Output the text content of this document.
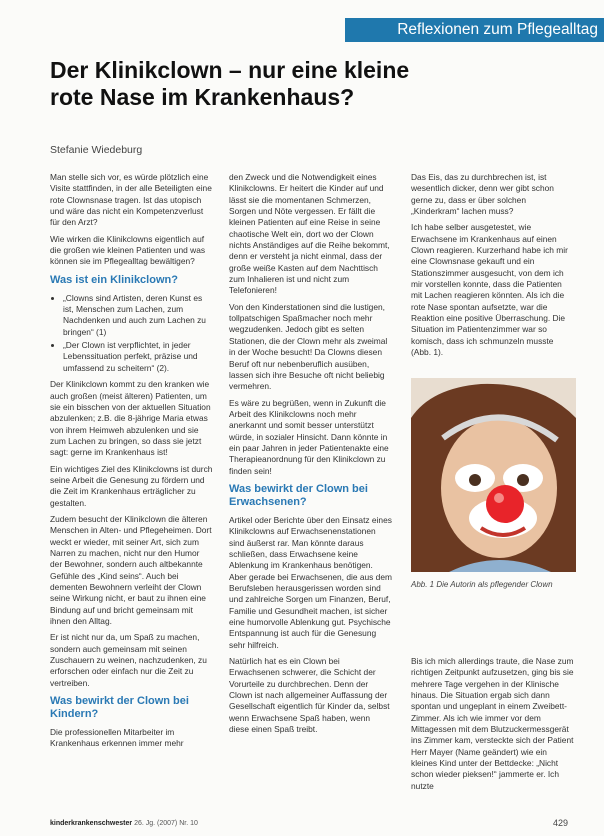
Reflexionen zum Pflegealltag
Der Klinikclown – nur eine kleine rote Nase im Krankenhaus?
Stefanie Wiedeburg

Man stelle sich vor, es würde plötzlich eine Visite stattfinden, in der alle Beteiligten eine rote Clownsnase tragen. Ist das utopisch und wäre das nicht ein Kompetenzverlust für den Arzt?

Wie wirken die Klinikclowns eigentlich auf die großen wie kleinen Patienten und was können sie im Pflegealltag bewältigen?

Was ist ein Klinikclown?
• „Clowns sind Artisten, deren Kunst es ist, Menschen zum Lachen, zum Nachdenken und auch zum Lachen zu bringen“ (1)
• „Der Clown ist verpflichtet, in jeder Lebenssituation perfekt, präzise und umfassend zu scheitern“ (2).

Der Klinikclown kommt zu den kranken wie auch großen (meist älteren) Patienten, um sie ein bisschen von der aktuellen Situation abzulenken; z.B. die 8-jährige Maria etwas von ihrem Heimweh abzulenken und sie zum Lachen zu bringen, so dass sie jetzt sagt: gerne im Krankenhaus ist!

Ein wichtiges Ziel des Klinikclowns ist durch seine Arbeit die Genesung zu fördern und die Zeit im Krankenhaus erträglicher zu gestalten.

Zudem besucht der Klinikclown die älteren Menschen in Alten- und Pflegeheimen. Dort weckt er wieder, mit seiner Art, sich zum Narren zu machen, nicht nur den Humor der Bewohner, sondern auch altbekannte Gefühle des „Kind seins“. Auch bei dementen Bewohnern verleiht der Clown seine Wirkung nicht, er baut zu ihnen eine Bindung auf und bricht gemeinsam mit ihnen den Alltag.

Er ist nicht nur da, um Spaß zu machen, sondern auch gemeinsam mit seinen Zuschauern zu weinen, nachzudenken, zu erforschen oder einfach nur die Zeit zu vertreiben.

Was bewirkt der Clown bei Kindern?

Die professionellen Mitarbeiter im Krankenhaus erkennen immer mehr

den Zweck und die Notwendigkeit eines Klinikclowns. Er heitert die Kinder auf und lässt sie die momentanen Schmerzen, Sorgen und Nöte vergessen. Er fällt die kleinen Patienten auf eine Reise in seine chaotische Welt ein, dort wo der Clown nichts Anständiges auf die Reihe bekommt, denn er versteht ja nicht einmal, dass der große weiße Kasten auf dem Nachttisch zum Inhalieren ist und nicht zum Telefonieren!

Von den Kinderstationen sind die lustigen, tollpatschigen Spaßmacher noch mehr wegzudenken. Jedoch gibt es selten Stationen, die der Clown mehr als zweimal in der Woche besucht! Da Clowns diesen Beruf oft nur nebenberuflich ausüben, lassen sich ihre Besuche oft nicht beliebig vermehren.

Es wäre zu begrüßen, wenn in Zukunft die Arbeit des Klinikclowns noch mehr anerkannt und somit besser unterstützt würde, in sozialer Hinsicht. Dann könnte in ein paar Jahren in jeder Patientenakte eine Therapieanordnung für den Klinikclown zu finden sein!

Was bewirkt der Clown bei Erwachsenen?

Artikel oder Berichte über den Einsatz eines Klinikclowns auf Erwachsenenstationen sind äußerst rar. Man könnte daraus schließen, dass Erwachsene keine Ablenkung im Krankenhaus benötigen. Aber gerade bei Erwachsenen, die aus dem Berufsleben herausgerissen worden sind und zahlreiche Sorgen um Finanzen, Beruf, Familie und Gesundheit machen, ist sicher eine humorvolle Ablenkung gut. Psychische Entspannung ist auch für die Genesung sehr hilfreich.

Natürlich hat es ein Clown bei Erwachsenen schwerer, die Schicht der Vorurteile zu durchbrechen. Denn der Clown ist nach allgemeiner Auffassung der Gesellschaft eigentlich für Kinder da, selbst wenn Erwachsene Spaß haben, wenn diese einen Spaß treibt.

Das Eis, das zu durchbrechen ist, ist wesentlich dicker, denn wer gibt schon gerne zu, dass er über solchen „Kinderkram“ lachen muss?

Ich habe selber ausgetestet, wie Erwachsene im Krankenhaus auf einen Clown reagieren. Kurzerhand habe ich mir eine Clownsnase gekauft und ein Stationszimmer ausgesucht, von dem ich mir vorstellen konnte, dass die Patienten mit Lachen reagieren könnten. Als ich die rote Nase spontan aufsetzte, war die Reaktion eine positive Überraschung. Die Situation im Patientenzimmer war so komisch, dass ich schmunzeln musste (Abb. 1).

Abb. 1 Die Autorin als pflegender Clown

Bis ich mich allerdings traute, die Nase zum richtigen Zeitpunkt aufzusetzen, ging bis sie mehrere Tage vergehen in der Klinische hinaus. Die Situation ergab sich dann spontan und ungeplant in einem Zweibett-Zimmer. Als ich wie immer vor dem Mittagessen mit dem Blutzuckermessgerät ins Zimmer kam, versteckte sich der Patient Herr Mayer (Name geändert) wie ein kleines Kind unter der Bettdecke: „Nicht schon wieder pieksen!“ jammerte er. Ich nutzte

kinderkrankenschwester 26. Jg. (2007) Nr. 10	429
